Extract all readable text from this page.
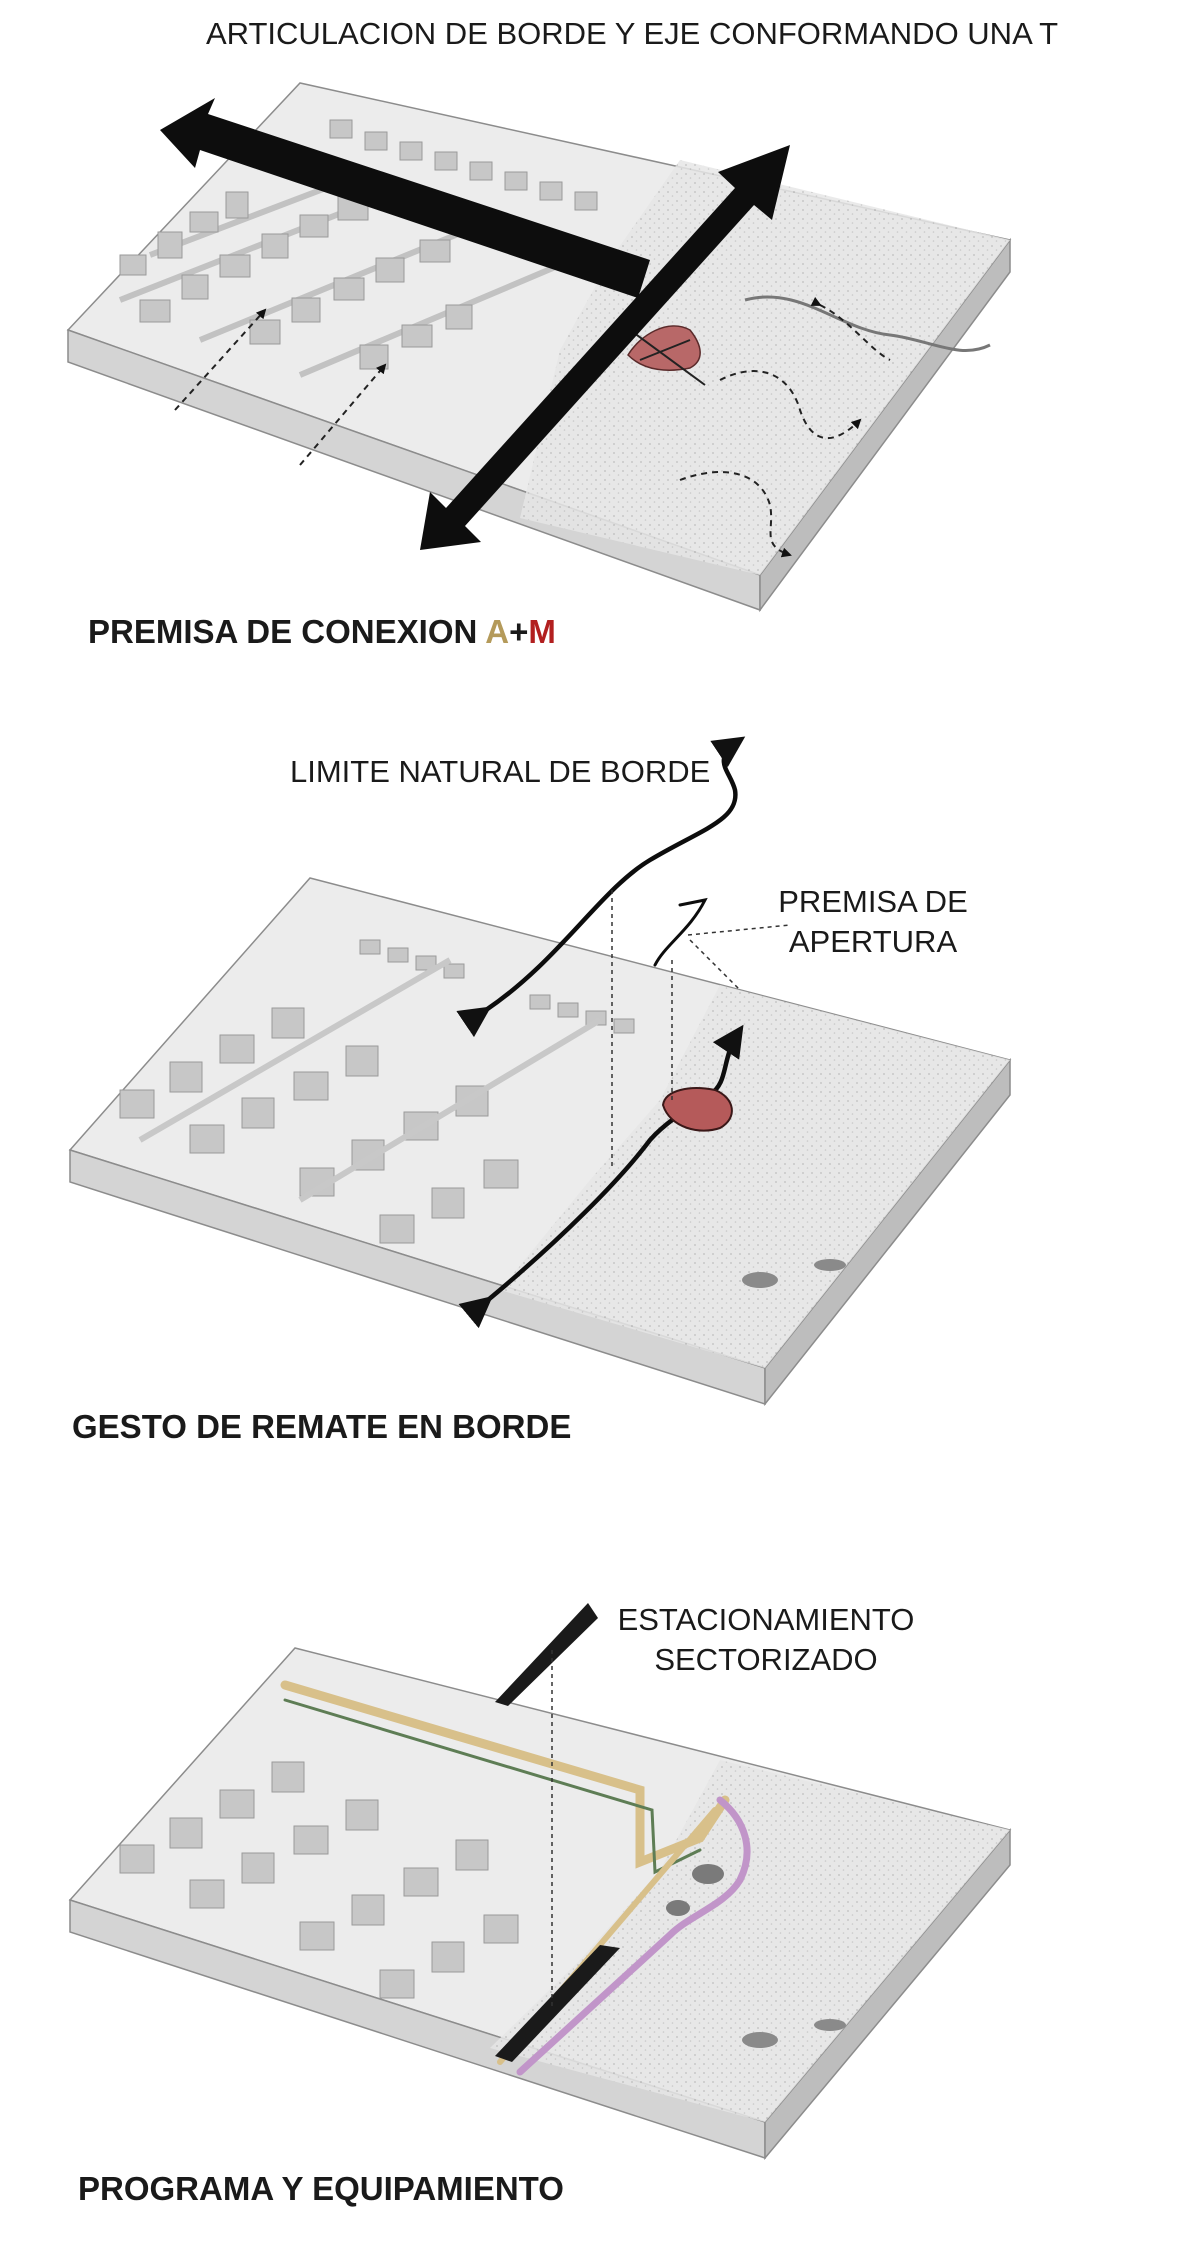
ARTICULACION DE BORDE Y EJE CONFORMANDO UNA T
PREMISA DE CONEXION A+M
LIMITE NATURAL DE BORDE
PREMISA DE
APERTURA
GESTO DE REMATE EN BORDE
ESTACIONAMIENTO
SECTORIZADO
PROGRAMA Y EQUIPAMIENTO
